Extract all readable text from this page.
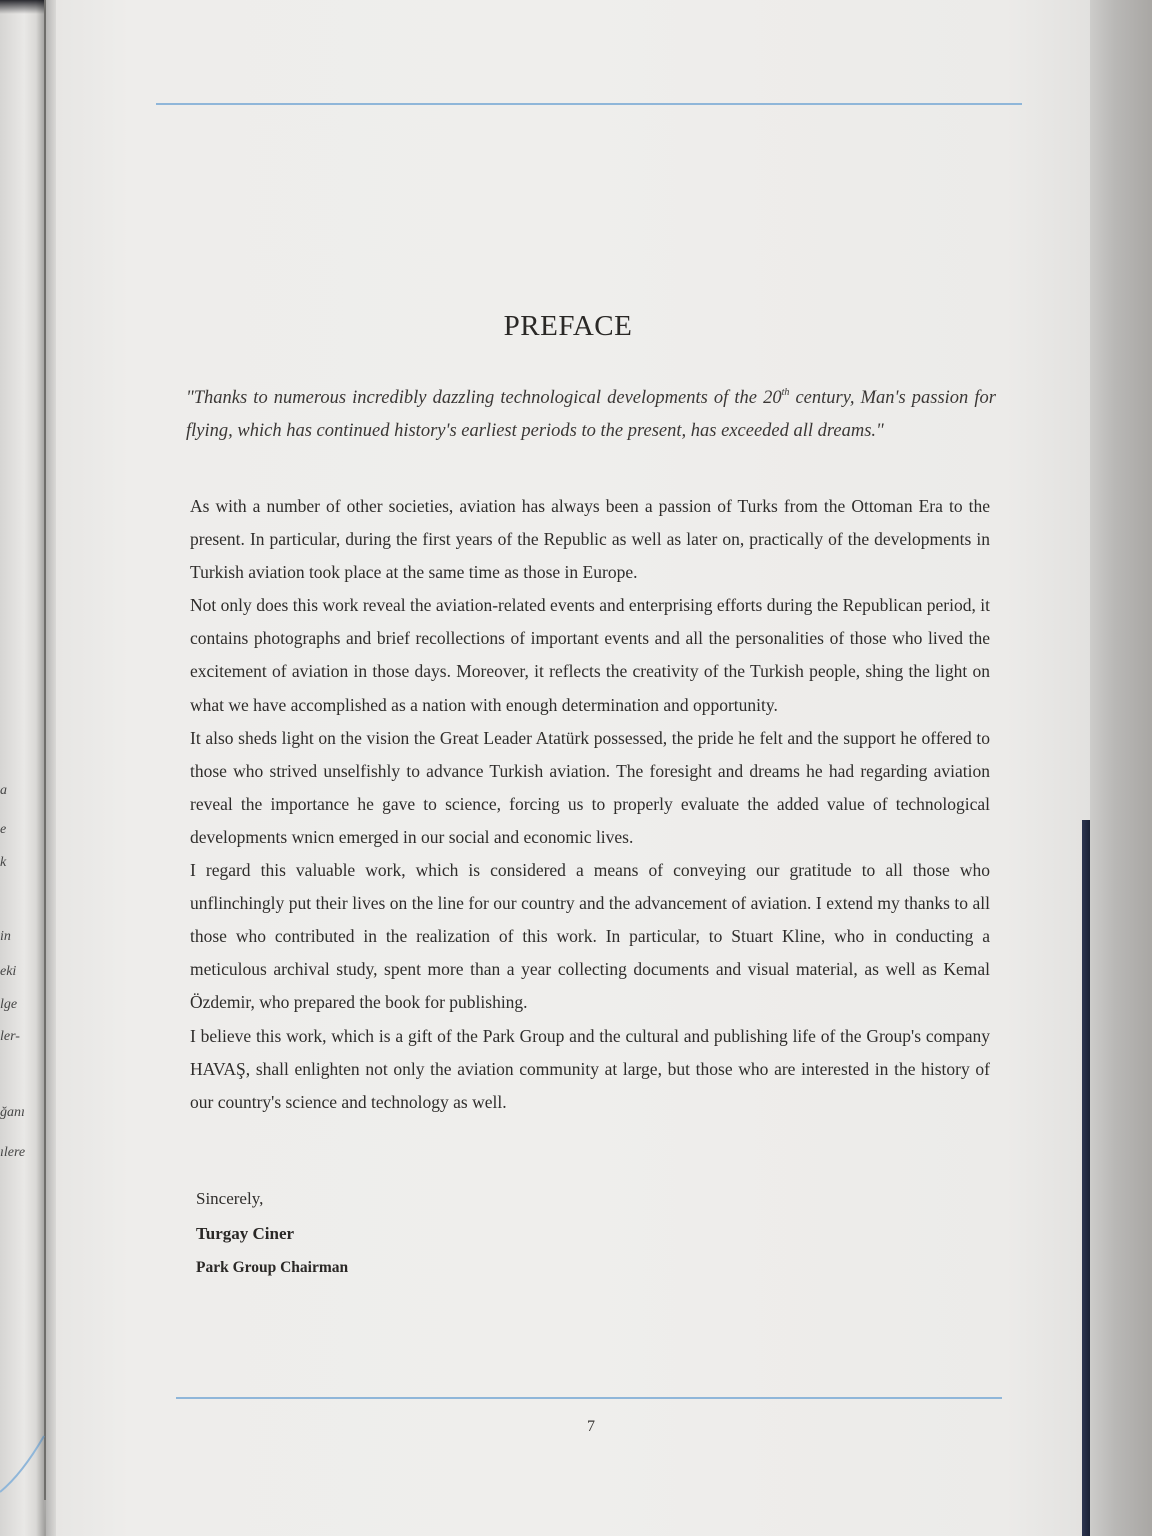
a
e
k
in
eki
lge
ler-
ğanı
ılere
PREFACE
"Thanks to numerous incredibly dazzling technological developments of the 20th century, Man's passion for flying, which has continued history's earliest periods to the present, has exceeded all dreams."

As with a number of other societies, aviation has always been a passion of Turks from the Ottoman Era to the present. In particular, during the first years of the Republic as well as later on, practically of the developments in Turkish aviation took place at the same time as those in Europe.

Not only does this work reveal the aviation-related events and enterprising efforts during the Republican period, it contains photographs and brief recollections of important events and all the personalities of those who lived the excitement of aviation in those days. Moreover, it reflects the creativity of the Turkish people, shing the light on what we have accomplished as a nation with enough determination and opportunity.

It also sheds light on the vision the Great Leader Atatürk possessed, the pride he felt and the support he offered to those who strived unselfishly to advance Turkish aviation. The foresight and dreams he had regarding aviation reveal the importance he gave to science, forcing us to properly evaluate the added value of technological developments wnicn emerged in our social and economic lives.

I regard this valuable work, which is considered a means of conveying our gratitude to all those who unflinchingly put their lives on the line for our country and the advancement of aviation. I extend my thanks to all those who contributed in the realization of this work. In particular, to Stuart Kline, who in conducting a meticulous archival study, spent more than a year collecting documents and visual material, as well as Kemal Özdemir, who prepared the book for publishing.

I believe this work, which is a gift of the Park Group and the cultural and publishing life of the Group's company HAVAŞ, shall enlighten not only the aviation community at large, but those who are interested in the history of our country's science and technology as well.

Sincerely,
Turgay Ciner
Park Group Chairman
7
